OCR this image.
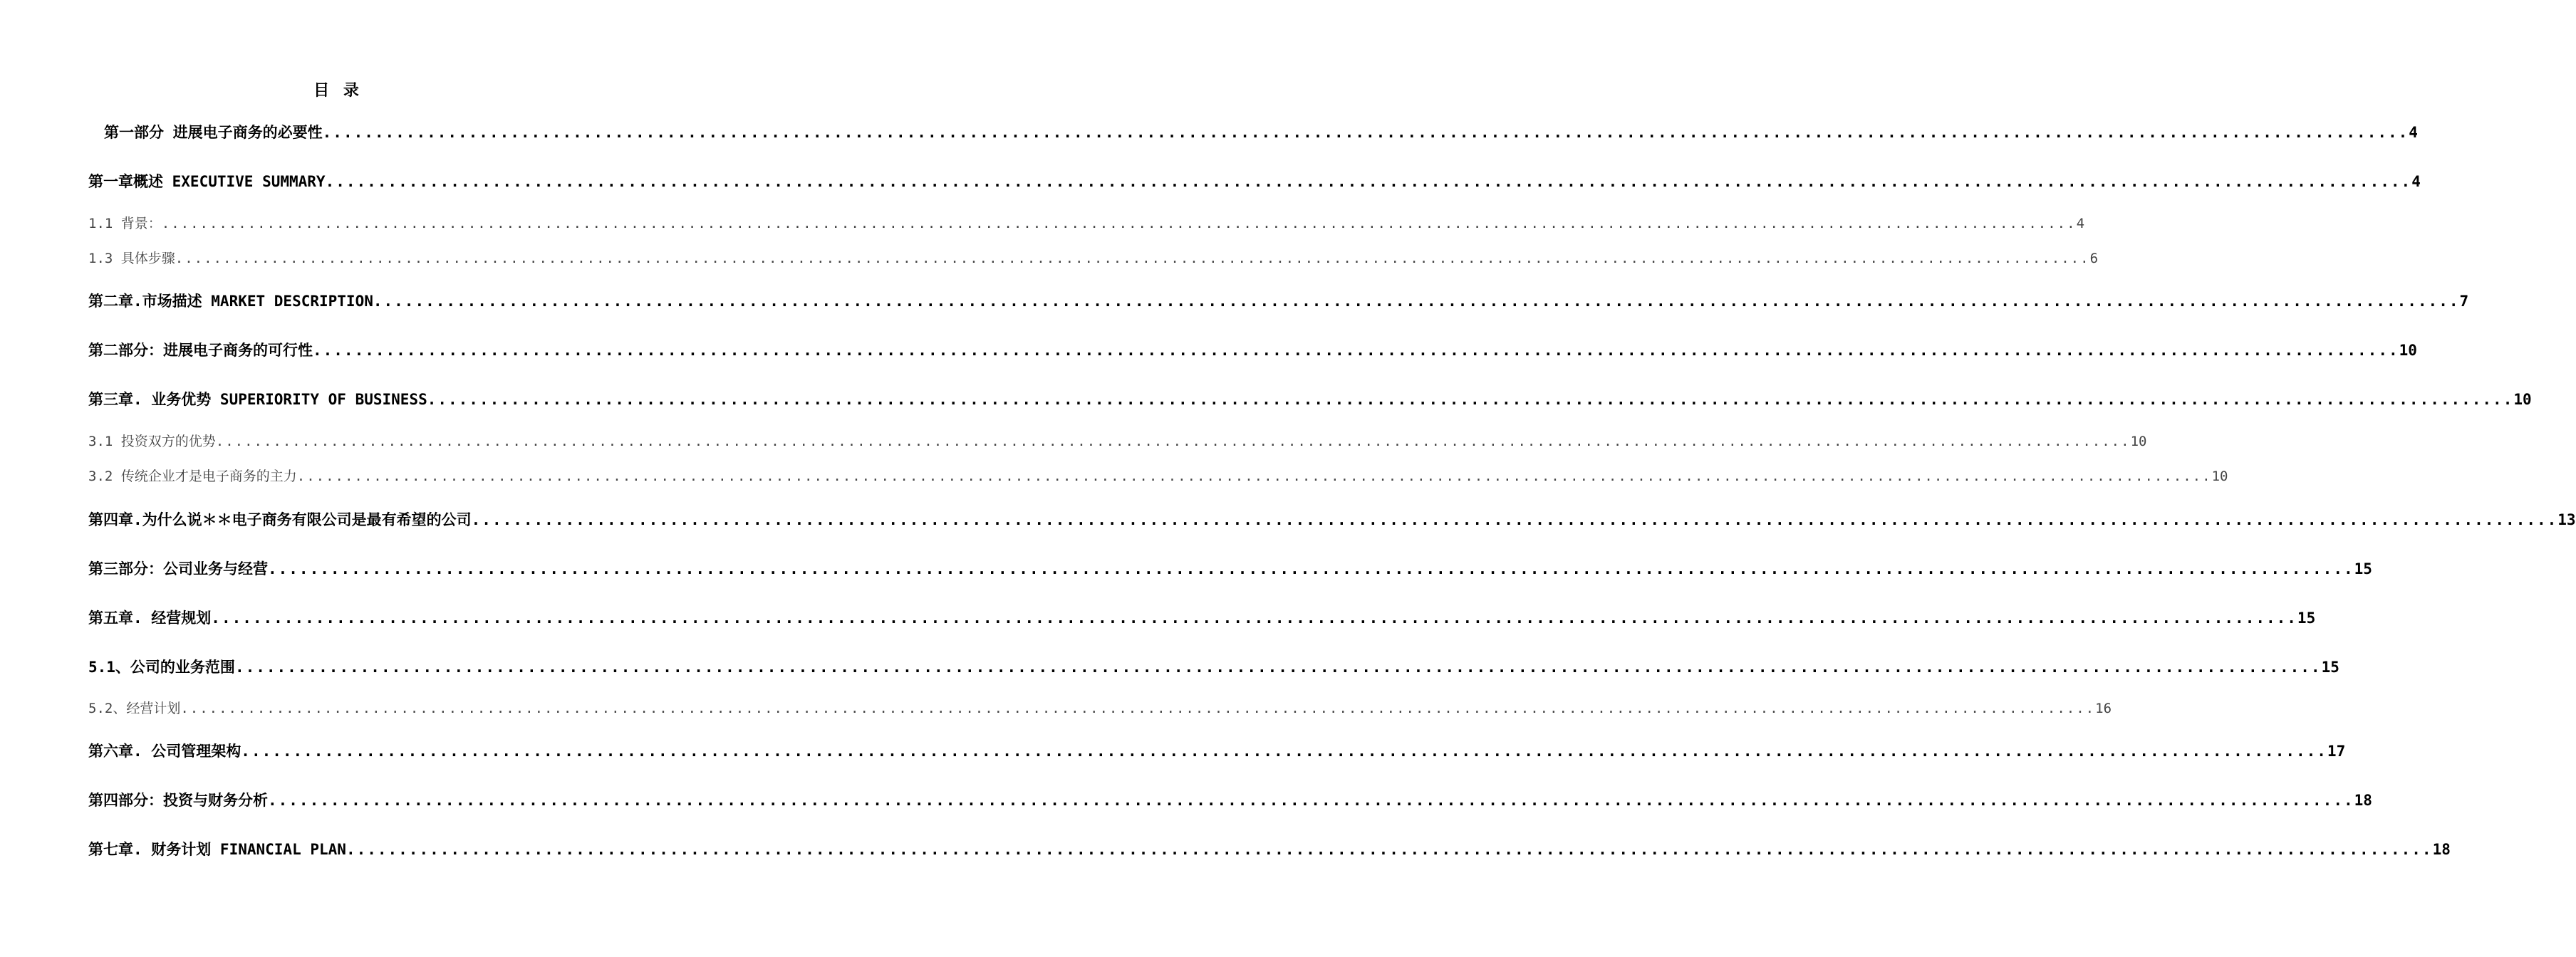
目 录
第一部分 进展电子商务的必要性 ........................................................................................................................................................................................................ 4
第一章概述 EXECUTIVE SUMMARY ........................................................................................................................................................................................................ 4
1.1 背景： ........................................................................................................................................................................................................ 4
1.3 具体步骤 ........................................................................................................................................................................................................ 6
第二章.市场描述 MARKET DESCRIPTION ........................................................................................................................................................................................................ 7
第二部分：进展电子商务的可行性 ........................................................................................................................................................................................................ 10
第三章. 业务优势 SUPERIORITY OF BUSINESS ........................................................................................................................................................................................................ 10
3.1 投资双方的优势 ........................................................................................................................................................................................................ 10
3.2 传统企业才是电子商务的主力 ........................................................................................................................................................................................................ 10
第四章.为什么说＊＊电子商务有限公司是最有希望的公司 ........................................................................................................................................................................................................ 13
第三部分：公司业务与经营 ........................................................................................................................................................................................................ 15
第五章. 经营规划 ........................................................................................................................................................................................................ 15
5.1、公司的业务范围 ........................................................................................................................................................................................................ 15
5.2、经营计划 ........................................................................................................................................................................................................ 16
第六章. 公司管理架构 ........................................................................................................................................................................................................ 17
第四部分：投资与财务分析 ........................................................................................................................................................................................................ 18
第七章. 财务计划 FINANCIAL PLAN ........................................................................................................................................................................................................ 18
